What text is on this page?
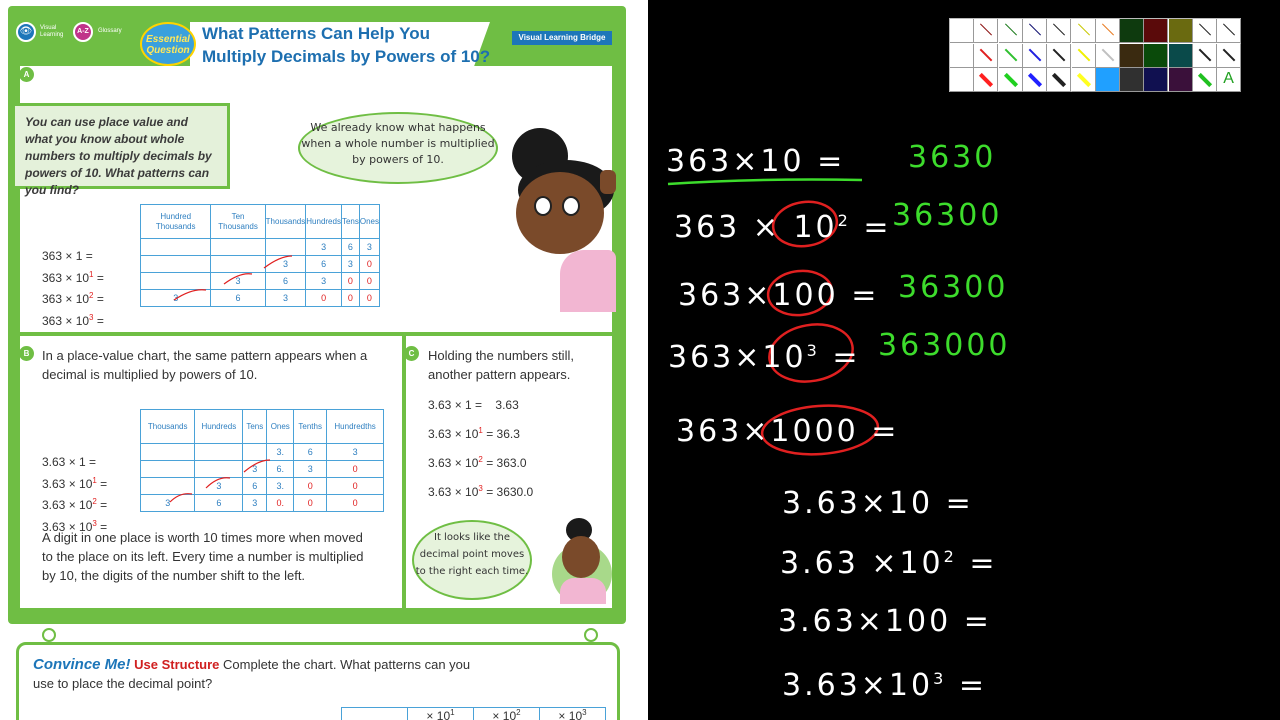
👁	Visual Learning	A-Z	Glossary
Essential Question
What Patterns Can Help You Multiply Decimals by Powers of 10?
Visual Learning Bridge
A
You can use place value and what you know about whole numbers to multiply decimals by powers of 10. What patterns can you find?
We already know what happens when a whole number is multiplied by powers of 10.
Hundred Thousands	Ten Thousands	Thousands	Hundreds	Tens	Ones
			3	6	3
		3	6	3	0
	3	6	3	0	0
3	6	3	0	0	0
363 × 1 =
$363 \times 10^1$ =
$363 \times 10^2$ =
$363 \times 10^3$ =
B In a place-value chart, the same pattern appears when a decimal is multiplied by powers of 10.
Thousands	Hundreds	Tens	Ones	Tenths	Hundredths
			3.	6	3
		3	6.	3	0
	3	6	3.	0	0
3	6	3	0.	0	0
3.63 × 1 =
$3.63 \times 10^1$ =
$3.63 \times 10^2$ =
$3.63 \times 10^3$ =
A digit in one place is worth 10 times more when moved to the place on its left. Every time a number is multiplied by 10, the digits of the number shift to the left.
C	Holding the numbers still, another pattern appears.
3.63 × 1 = 3.63
$3.63 \times 10^1 = 36.3$
$3.63 \times 10^2 = 363.0$
$3.63 \times 10^3 = 3630.0$
It looks like the decimal point moves to the right each time.
Convince Me! Use Structure Complete the chart. What patterns can you use to place the decimal point?
	× $10^1$	× $10^2$	× $10^3$
A
363×10 = 3630
$363 \times 10^2 = 36300$
363×100 = 36300
$363\times 10^3 = 363000$
363×1000 =
3.63×10 =
$3.63 \times 10^2$ =
3.63×100 =
$3.63\times 10^3$ =
